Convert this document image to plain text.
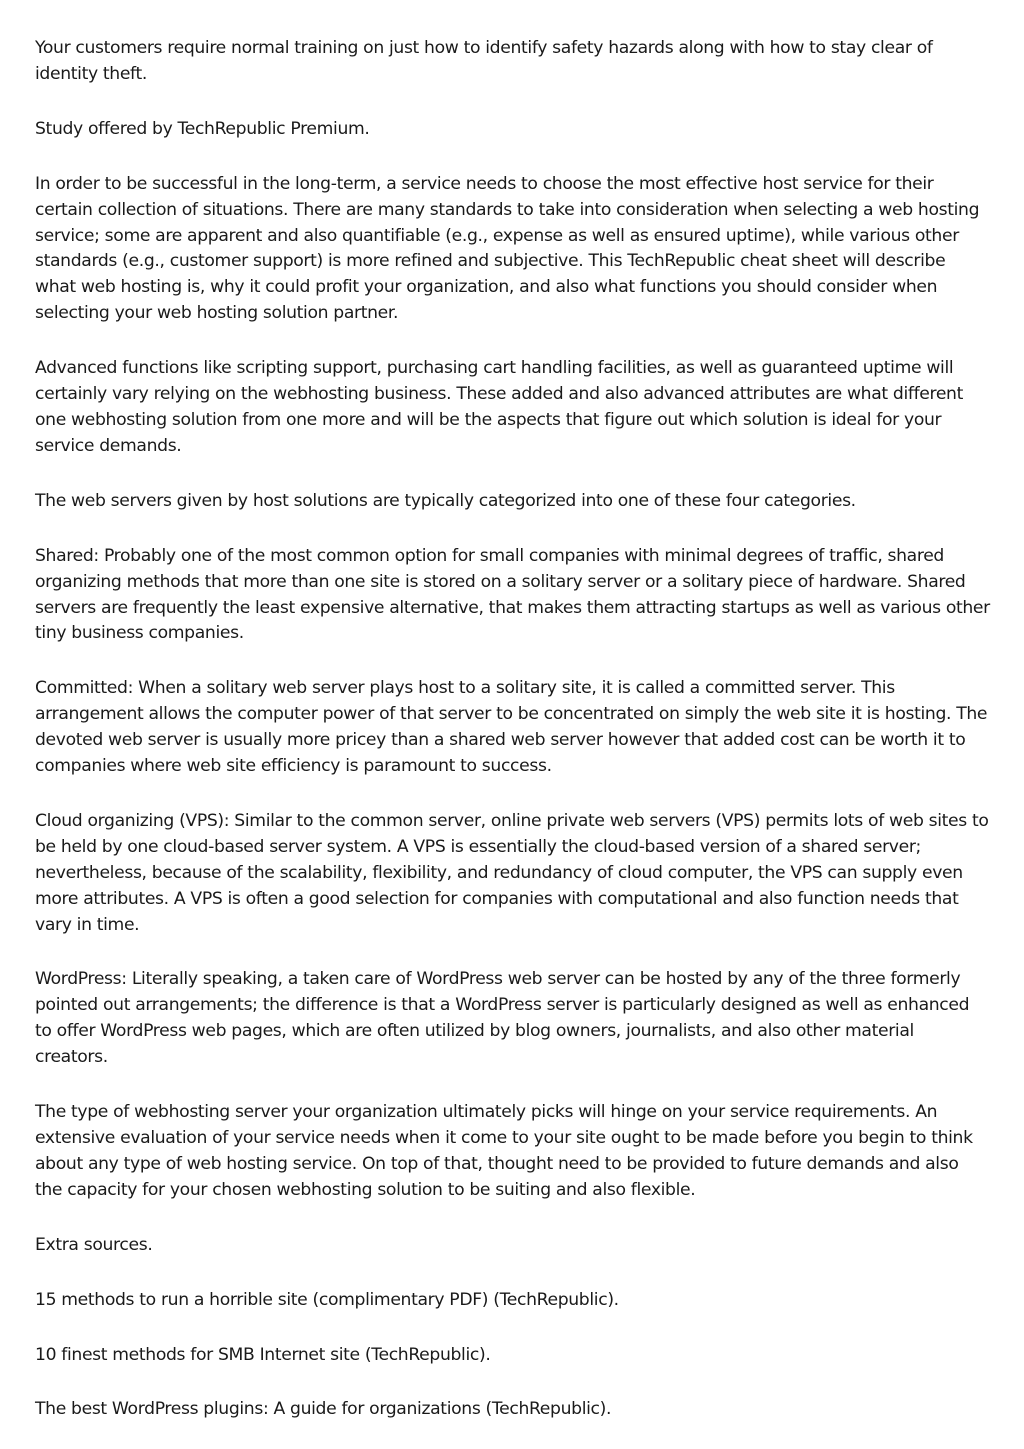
Your customers require normal training on just how to identify safety hazards along with how to stay clear of identity theft.

Study offered by TechRepublic Premium.

In order to be successful in the long-term, a service needs to choose the most effective host service for their certain collection of situations. There are many standards to take into consideration when selecting a web hosting service; some are apparent and also quantifiable (e.g., expense as well as ensured uptime), while various other standards (e.g., customer support) is more refined and subjective. This TechRepublic cheat sheet will describe what web hosting is, why it could profit your organization, and also what functions you should consider when selecting your web hosting solution partner.

Advanced functions like scripting support, purchasing cart handling facilities, as well as guaranteed uptime will certainly vary relying on the webhosting business. These added and also advanced attributes are what different one webhosting solution from one more and will be the aspects that figure out which solution is ideal for your service demands.

The web servers given by host solutions are typically categorized into one of these four categories.

Shared: Probably one of the most common option for small companies with minimal degrees of traffic, shared organizing methods that more than one site is stored on a solitary server or a solitary piece of hardware. Shared servers are frequently the least expensive alternative, that makes them attracting startups as well as various other tiny business companies.

Committed: When a solitary web server plays host to a solitary site, it is called a committed server. This arrangement allows the computer power of that server to be concentrated on simply the web site it is hosting. The devoted web server is usually more pricey than a shared web server however that added cost can be worth it to companies where web site efficiency is paramount to success.

Cloud organizing (VPS): Similar to the common server, online private web servers (VPS) permits lots of web sites to be held by one cloud-based server system. A VPS is essentially the cloud-based version of a shared server; nevertheless, because of the scalability, flexibility, and redundancy of cloud computer, the VPS can supply even more attributes. A VPS is often a good selection for companies with computational and also function needs that vary in time.

WordPress: Literally speaking, a taken care of WordPress web server can be hosted by any of the three formerly pointed out arrangements; the difference is that a WordPress server is particularly designed as well as enhanced to offer WordPress web pages, which are often utilized by blog owners, journalists, and also other material creators.

The type of webhosting server your organization ultimately picks will hinge on your service requirements. An extensive evaluation of your service needs when it come to your site ought to be made before you begin to think about any type of web hosting service. On top of that, thought need to be provided to future demands and also the capacity for your chosen webhosting solution to be suiting and also flexible.

Extra sources.

15 methods to run a horrible site (complimentary PDF) (TechRepublic).

10 finest methods for SMB Internet site (TechRepublic).

The best WordPress plugins: A guide for organizations (TechRepublic).
